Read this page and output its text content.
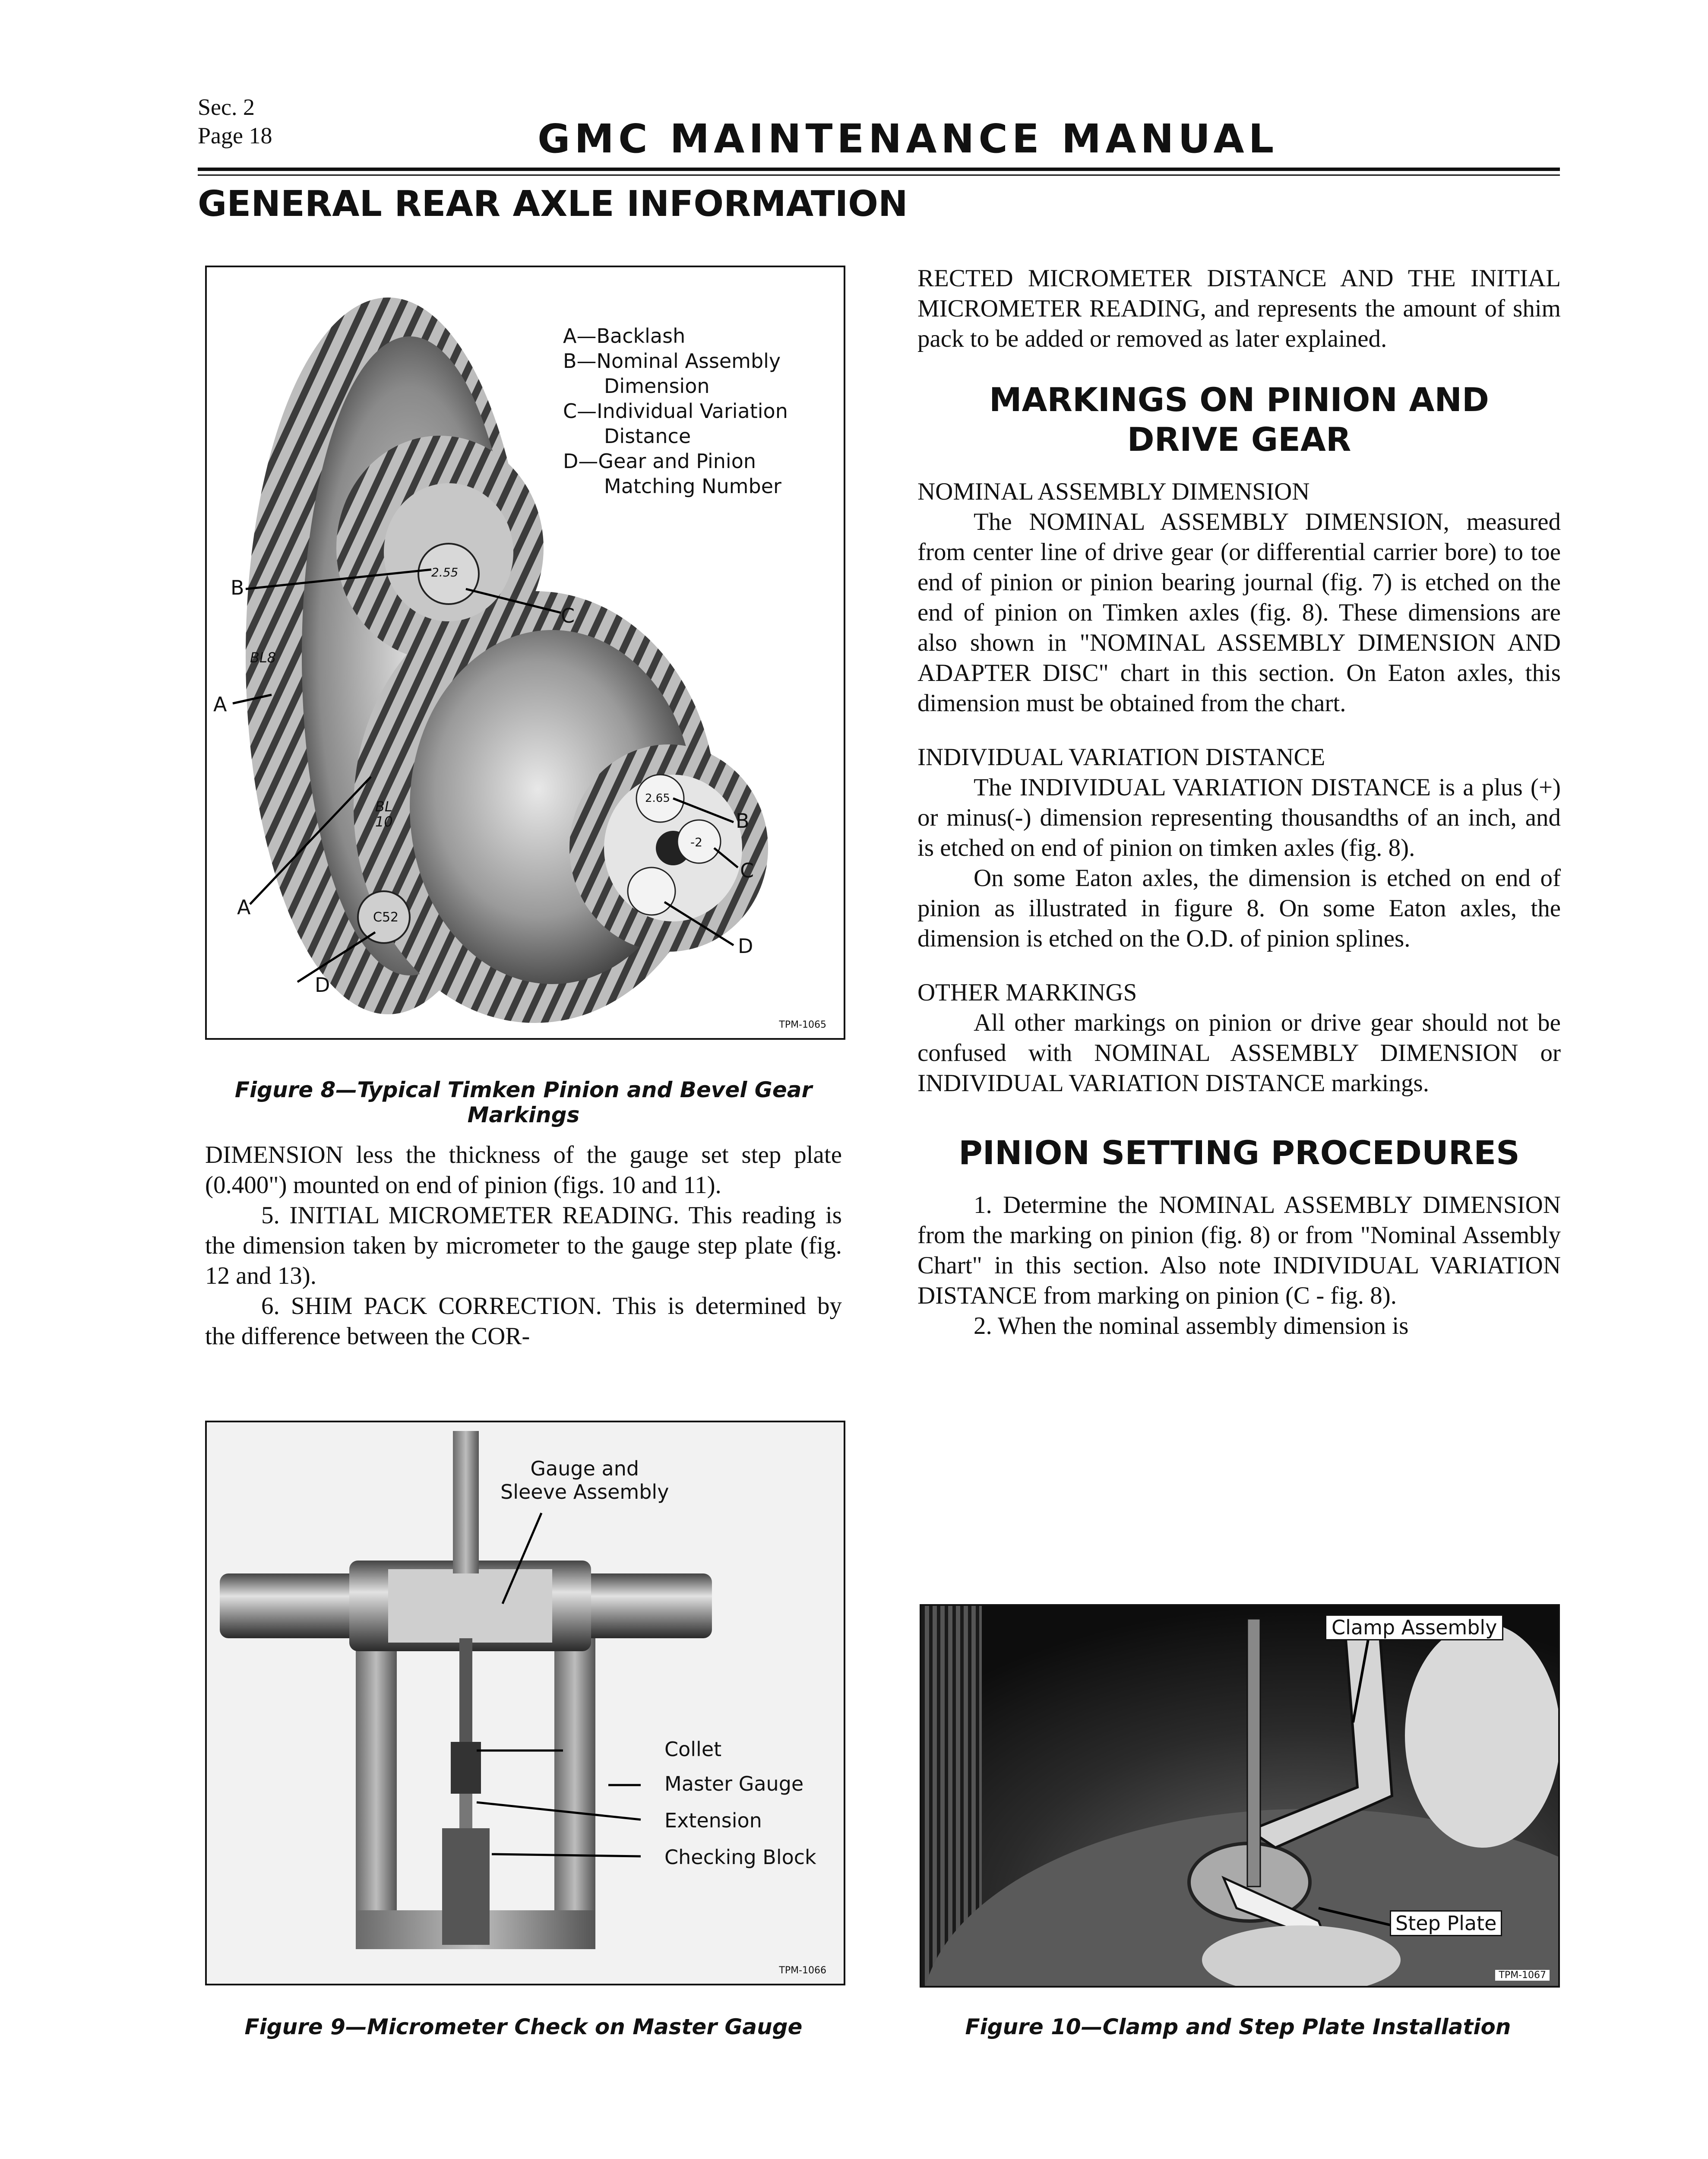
Sec. 2
Page 18	GMC MAINTENANCE MANUAL
GENERAL REAR AXLE INFORMATION
A—Backlash
B—Nominal Assembly
Dimension
C—Individual Variation
Distance
D—Gear and Pinion
Matching Number
B
C
A
B
C
A
D
D
BL8
BL
10
C52
2.65
-2
2.55
TPM-1065
Figure 8—Typical Timken Pinion and Bevel Gear Markings

DIMENSION less the thickness of the gauge set step plate (0.400") mounted on end of pinion (figs. 10 and 11).

5. INITIAL MICROMETER READING. This reading is the dimension taken by micrometer to the gauge step plate (fig. 12 and 13).

6. SHIM PACK CORRECTION. This is determined by the difference between the COR-

Gauge and
Sleeve Assembly
Collet
Master Gauge
Extension
Checking Block
TPM-1066
Figure 9—Micrometer Check on Master Gauge

RECTED MICROMETER DISTANCE AND THE INITIAL MICROMETER READING, and represents the amount of shim pack to be added or removed as later explained.

MARKINGS ON PINION AND
DRIVE GEAR
NOMINAL ASSEMBLY DIMENSION

The NOMINAL ASSEMBLY DIMENSION, measured from center line of drive gear (or differential carrier bore) to toe end of pinion or pinion bearing journal (fig. 7) is etched on the end of pinion on Timken axles (fig. 8). These dimensions are also shown in "NOMINAL ASSEMBLY DIMENSION AND ADAPTER DISC" chart in this section. On Eaton axles, this dimension must be obtained from the chart.

INDIVIDUAL VARIATION DISTANCE

The INDIVIDUAL VARIATION DISTANCE is a plus (+) or minus(-) dimension representing thousandths of an inch, and is etched on end of pinion on timken axles (fig. 8).

On some Eaton axles, the dimension is etched on end of pinion as illustrated in figure 8. On some Eaton axles, the dimension is etched on the O.D. of pinion splines.

OTHER MARKINGS

All other markings on pinion or drive gear should not be confused with NOMINAL ASSEMBLY DIMENSION or INDIVIDUAL VARIATION DISTANCE markings.

PINION SETTING PROCEDURES

1. Determine the NOMINAL ASSEMBLY DIMENSION from the marking on pinion (fig. 8) or from "Nominal Assembly Chart" in this section. Also note INDIVIDUAL VARIATION DISTANCE from marking on pinion (C - fig. 8).

2. When the nominal assembly dimension is

Clamp Assembly
Step Plate
TPM-1067
Figure 10—Clamp and Step Plate Installation
